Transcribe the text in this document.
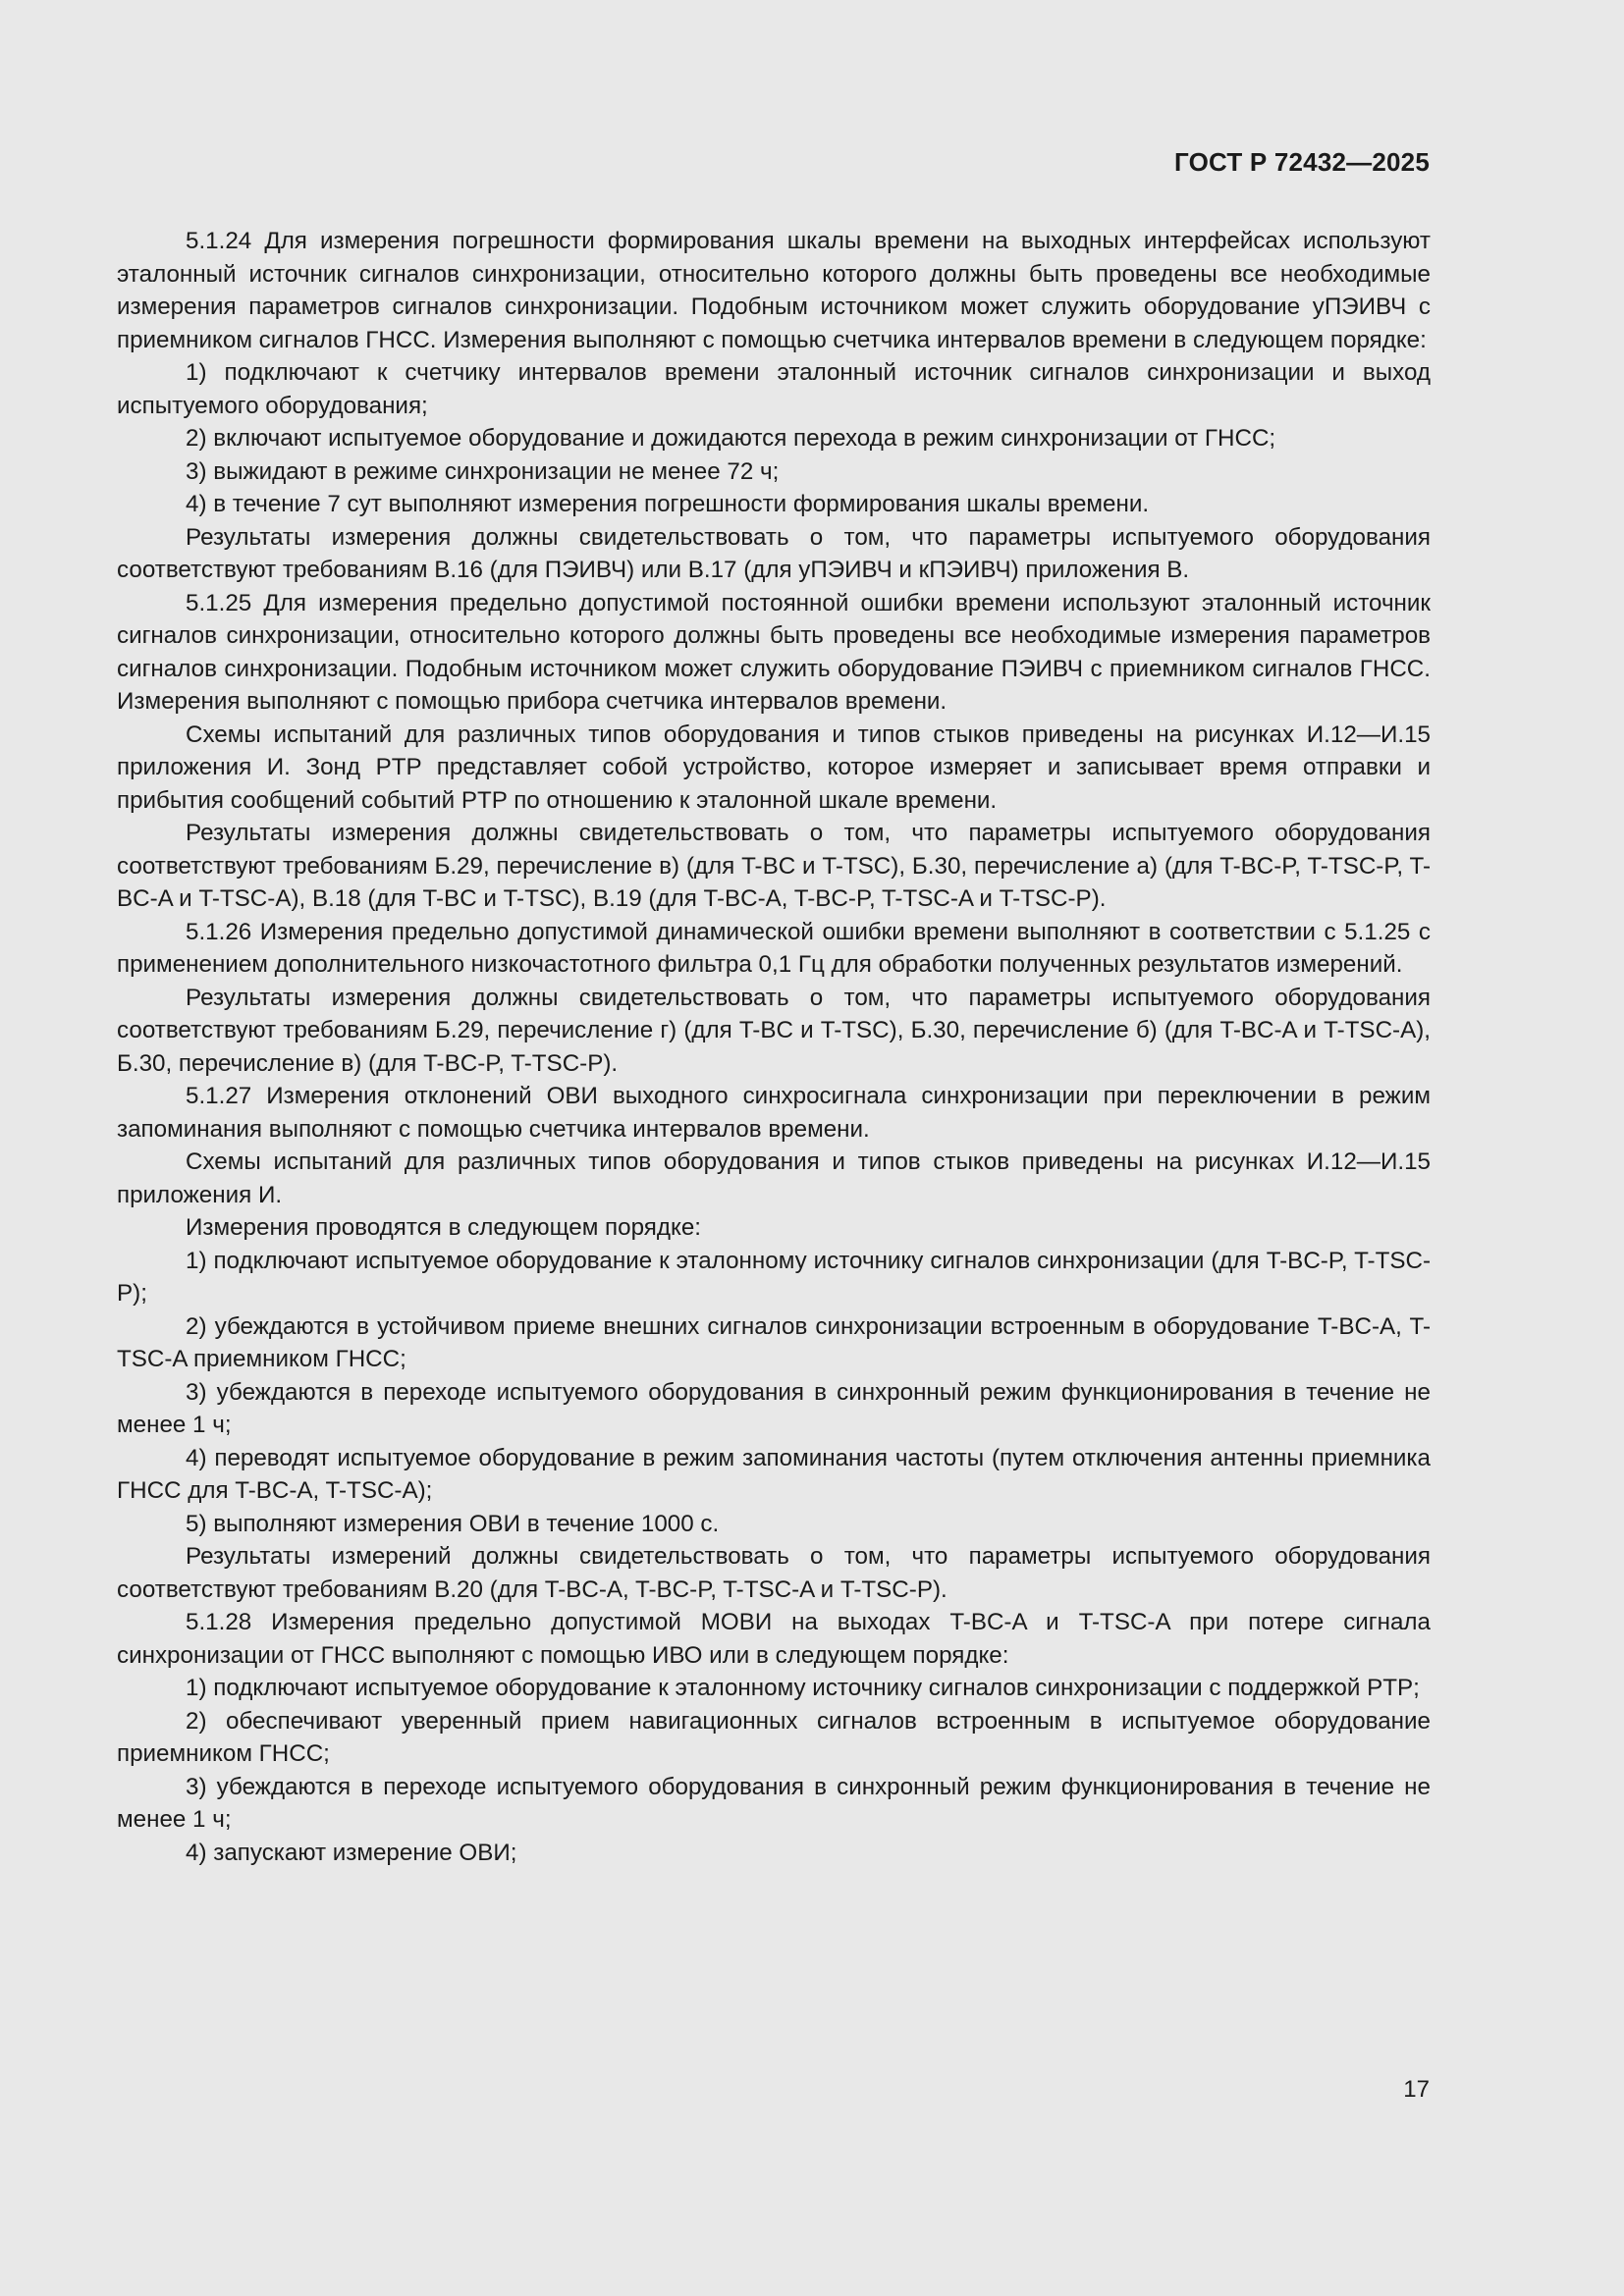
ГОСТ Р 72432—2025

5.1.24 Для измерения погрешности формирования шкалы времени на выходных интерфейсах используют эталонный источник сигналов синхронизации, относительно которого должны быть проведены все необходимые измерения параметров сигналов синхронизации. Подобным источником может служить оборудование уПЭИВЧ с приемником сигналов ГНСС. Измерения выполняют с помощью счетчика интервалов времени в следующем порядке:

1) подключают к счетчику интервалов времени эталонный источник сигналов синхронизации и выход испытуемого оборудования;

2) включают испытуемое оборудование и дожидаются перехода в режим синхронизации от ГНСС;

3) выжидают в режиме синхронизации не менее 72 ч;

4) в течение 7 сут выполняют измерения погрешности формирования шкалы времени.

Результаты измерения должны свидетельствовать о том, что параметры испытуемого оборудования соответствуют требованиям В.16 (для ПЭИВЧ) или В.17 (для уПЭИВЧ и кПЭИВЧ) приложения В.

5.1.25 Для измерения предельно допустимой постоянной ошибки времени используют эталонный источник сигналов синхронизации, относительно которого должны быть проведены все необходимые измерения параметров сигналов синхронизации. Подобным источником может служить оборудование ПЭИВЧ с приемником сигналов ГНСС. Измерения выполняют с помощью прибора счетчика интервалов времени.

Схемы испытаний для различных типов оборудования и типов стыков приведены на рисунках И.12—И.15 приложения И. Зонд PTP представляет собой устройство, которое измеряет и записывает время отправки и прибытия сообщений событий PTP по отношению к эталонной шкале времени.

Результаты измерения должны свидетельствовать о том, что параметры испытуемого оборудования соответствуют требованиям Б.29, перечисление в) (для T-BC и T-TSC), Б.30, перечисление а) (для T-BC-P, T-TSC-P, T-BC-A и T-TSC-A), В.18 (для T-BC и T-TSC), В.19 (для T-BC-A, T-BC-P, T-TSC-A и T-TSC-P).

5.1.26 Измерения предельно допустимой динамической ошибки времени выполняют в соответствии с 5.1.25 с применением дополнительного низкочастотного фильтра 0,1 Гц для обработки полученных результатов измерений.

Результаты измерения должны свидетельствовать о том, что параметры испытуемого оборудования соответствуют требованиям Б.29, перечисление г) (для T-BC и T-TSC), Б.30, перечисление б) (для T-BC-A и T-TSC-A), Б.30, перечисление в) (для T-BC-P, T-TSC-P).

5.1.27 Измерения отклонений ОВИ выходного синхросигнала синхронизации при переключении в режим запоминания выполняют с помощью счетчика интервалов времени.

Схемы испытаний для различных типов оборудования и типов стыков приведены на рисунках И.12—И.15 приложения И.

Измерения проводятся в следующем порядке:

1) подключают испытуемое оборудование к эталонному источнику сигналов синхронизации (для T-BC-P, T-TSC-P);

2) убеждаются в устойчивом приеме внешних сигналов синхронизации встроенным в оборудование T-BC-A, T-TSC-A приемником ГНСС;

3) убеждаются в переходе испытуемого оборудования в синхронный режим функционирования в течение не менее 1 ч;

4) переводят испытуемое оборудование в режим запоминания частоты (путем отключения антенны приемника ГНСС для T-BC-A, T-TSC-A);

5) выполняют измерения ОВИ в течение 1000 с.

Результаты измерений должны свидетельствовать о том, что параметры испытуемого оборудования соответствуют требованиям В.20 (для T-BC-A, T-BC-P, T-TSC-A и T-TSC-P).

5.1.28 Измерения предельно допустимой МОВИ на выходах T-BC-A и T-TSC-A при потере сигнала синхронизации от ГНСС выполняют с помощью ИВО или в следующем порядке:

1) подключают испытуемое оборудование к эталонному источнику сигналов синхронизации с поддержкой PTP;

2) обеспечивают уверенный прием навигационных сигналов встроенным в испытуемое оборудование приемником ГНСС;

3) убеждаются в переходе испытуемого оборудования в синхронный режим функционирования в течение не менее 1 ч;

4) запускают измерение ОВИ;

17
